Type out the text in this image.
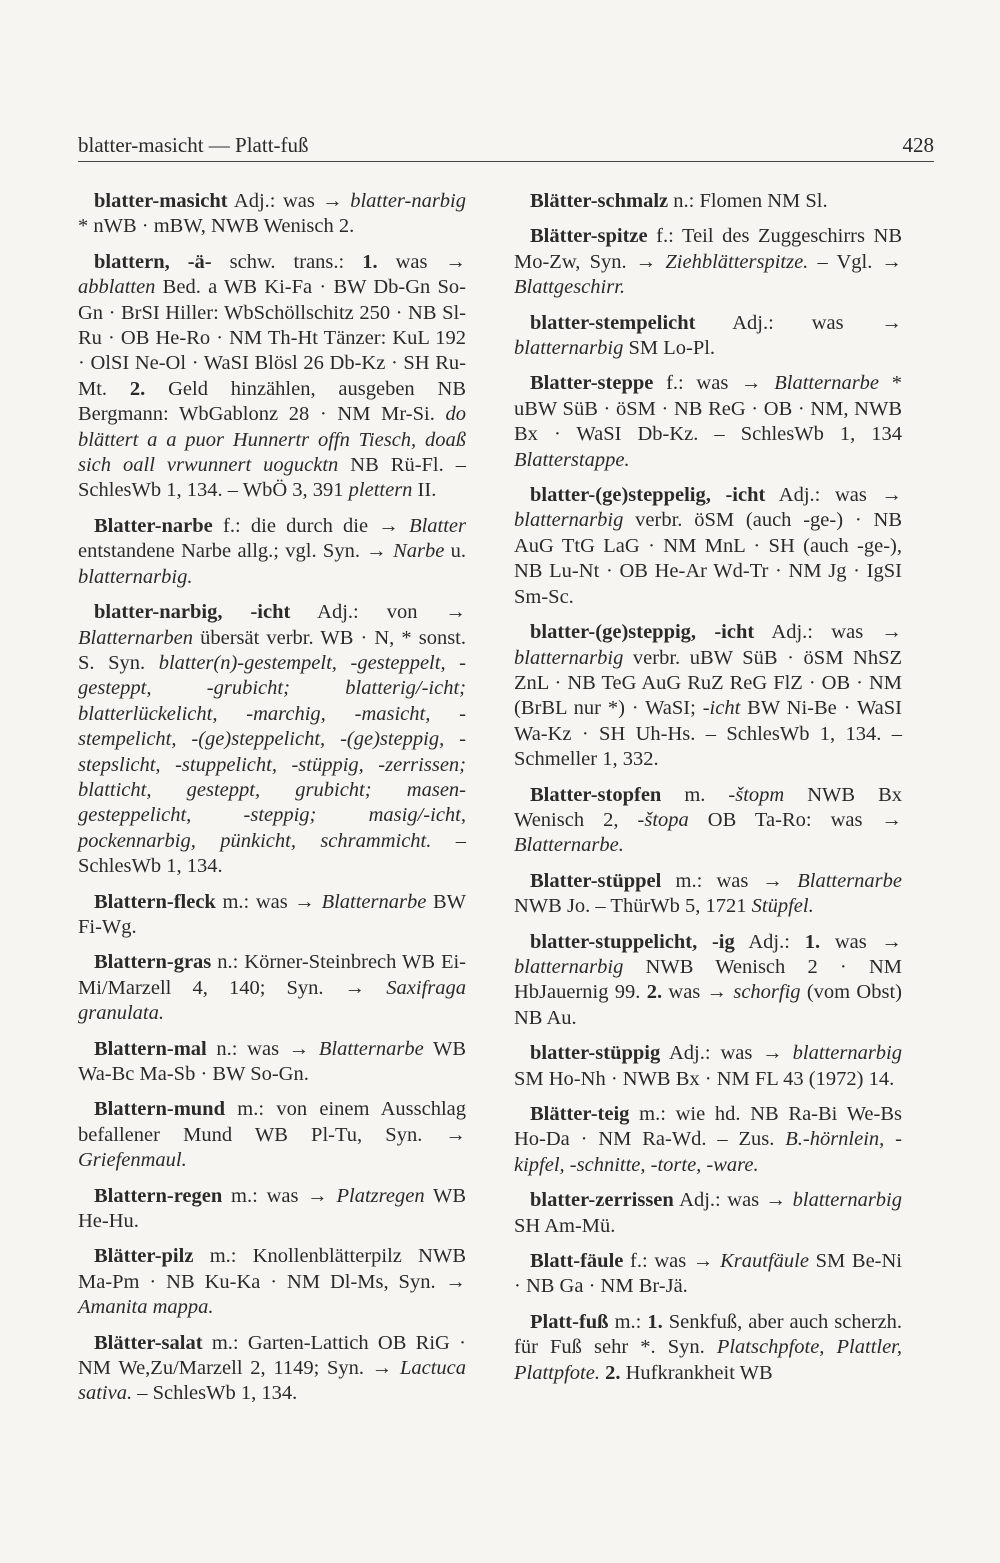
blatter-masicht — Platt-fuß	428

blatter-masicht Adj.: was → blatter-narbig * nWB · mBW, NWB Wenisch 2.

blattern, -ä- schw. trans.: 1. was → abblatten Bed. a WB Ki-Fa · BW Db-Gn So-Gn · BrSI Hiller: WbSchöllschitz 250 · NB Sl-Ru · OB He-Ro · NM Th-Ht Tänzer: KuL 192 · OlSI Ne-Ol · WaSI Blösl 26 Db-Kz · SH Ru-Mt. 2. Geld hinzählen, ausgeben NB Bergmann: WbGablonz 28 · NM Mr-Si. do blättert a a puor Hunnertr offn Tiesch, doaß sich oall vrwunnert uogucktn NB Rü-Fl. – SchlesWb 1, 134. – WbÖ 3, 391 plettern II.

Blatter-narbe f.: die durch die → Blatter entstandene Narbe allg.; vgl. Syn. → Narbe u. blatternarbig.

blatter-narbig, -icht Adj.: von → Blatternarben übersät verbr. WB · N, * sonst. S. Syn. blatter(n)-gestempelt, -gesteppelt, -gesteppt, -grubicht; blatterig/-icht; blatterlückelicht, -marchig, -masicht, -stempelicht, -(ge)steppelicht, -(ge)steppig, -stepslicht, -stuppelicht, -stüppig, -zerrissen; blatticht, gesteppt, grubicht; masen-gesteppelicht, -steppig; masig/-icht, pockennarbig, pünkicht, schrammicht. – SchlesWb 1, 134.

Blattern-fleck m.: was → Blatternarbe BW Fi-Wg.

Blattern-gras n.: Körner-Steinbrech WB Ei-Mi/Marzell 4, 140; Syn. → Saxifraga granulata.

Blattern-mal n.: was → Blatternarbe WB Wa-Bc Ma-Sb · BW So-Gn.

Blattern-mund m.: von einem Ausschlag befallener Mund WB Pl-Tu, Syn. → Griefenmaul.

Blattern-regen m.: was → Platzregen WB He-Hu.

Blätter-pilz m.: Knollenblätterpilz NWB Ma-Pm · NB Ku-Ka · NM Dl-Ms, Syn. → Amanita mappa.

Blätter-salat m.: Garten-Lattich OB RiG · NM We,Zu/Marzell 2, 1149; Syn. → Lactuca sativa. – SchlesWb 1, 134.

Blätter-schmalz n.: Flomen NM Sl.

Blätter-spitze f.: Teil des Zuggeschirrs NB Mo-Zw, Syn. → Ziehblätterspitze. – Vgl. → Blattgeschirr.

blatter-stempelicht Adj.: was → blatternarbig SM Lo-Pl.

Blatter-steppe f.: was → Blatternarbe * uBW SüB · öSM · NB ReG · OB · NM, NWB Bx · WaSI Db-Kz. – SchlesWb 1, 134 Blatterstappe.

blatter-(ge)steppelig, -icht Adj.: was → blatternarbig verbr. öSM (auch -ge-) · NB AuG TtG LaG · NM MnL · SH (auch -ge-), NB Lu-Nt · OB He-Ar Wd-Tr · NM Jg · IgSI Sm-Sc.

blatter-(ge)steppig, -icht Adj.: was → blatternarbig verbr. uBW SüB · öSM NhSZ ZnL · NB TeG AuG RuZ ReG FlZ · OB · NM (BrBL nur *) · WaSI; -icht BW Ni-Be · WaSI Wa-Kz · SH Uh-Hs. – SchlesWb 1, 134. – Schmeller 1, 332.

Blatter-stopfen m. -štopm NWB Bx Wenisch 2, -štopa OB Ta-Ro: was → Blatternarbe.

Blatter-stüppel m.: was → Blatternarbe NWB Jo. – ThürWb 5, 1721 Stüpfel.

blatter-stuppelicht, -ig Adj.: 1. was → blatternarbig NWB Wenisch 2 · NM HbJauernig 99. 2. was → schorfig (vom Obst) NB Au.

blatter-stüppig Adj.: was → blatternarbig SM Ho-Nh · NWB Bx · NM FL 43 (1972) 14.

Blätter-teig m.: wie hd. NB Ra-Bi We-Bs Ho-Da · NM Ra-Wd. – Zus. B.-hörnlein, -kipfel, -schnitte, -torte, -ware.

blatter-zerrissen Adj.: was → blatternarbig SH Am-Mü.

Blatt-fäule f.: was → Krautfäule SM Be-Ni · NB Ga · NM Br-Jä.

Platt-fuß m.: 1. Senkfuß, aber auch scherzh. für Fuß sehr *. Syn. Platschpfote, Plattler, Plattpfote. 2. Hufkrankheit WB
